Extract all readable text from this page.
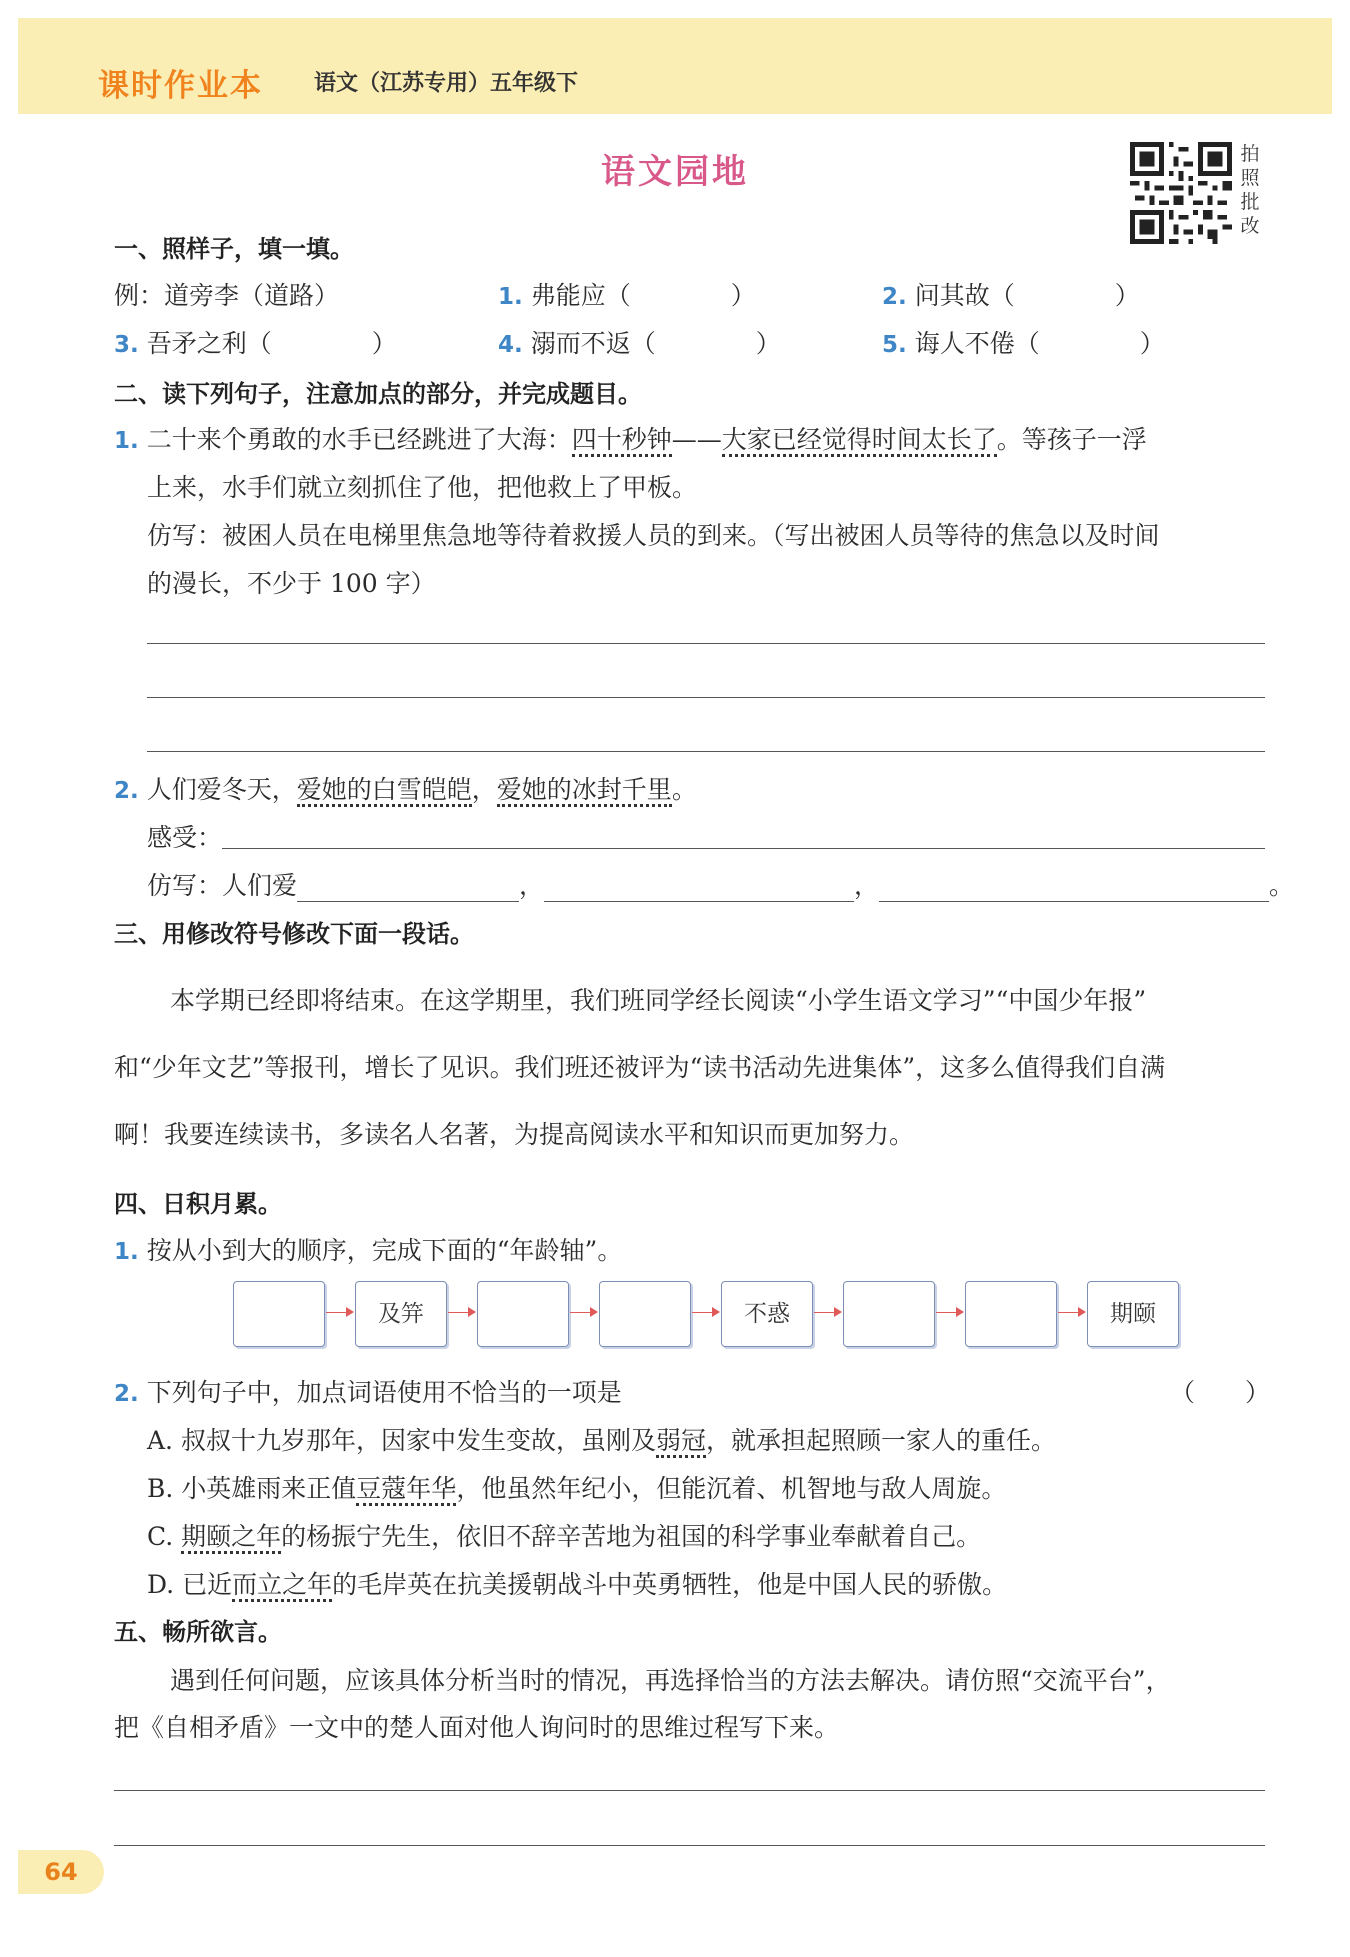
课时作业本 语文（江苏专用）五年级下
语文园地	拍
照
批
改
一、照样子，填一填。
例：道旁李（道路）	1. 弗能应（	）	2. 问其故（	）
3. 吾矛之利（	）	4. 溺而不返（	）	5. 诲人不倦（	）
二、读下列句子，注意加点的部分，并完成题目。
1. 二十来个勇敢的水手已经跳进了大海：四十秒钟——大家已经觉得时间太长了。等孩子一浮
上来，水手们就立刻抓住了他，把他救上了甲板。
仿写：被困人员在电梯里焦急地等待着救援人员的到来。（写出被困人员等待的焦急以及时间
的漫长，不少于 100 字）
2. 人们爱冬天，爱她的白雪皑皑，爱她的冰封千里。
感受：
仿写：人们爱	，	，	。
三、用修改符号修改下面一段话。
本学期已经即将结束。在这学期里，我们班同学经长阅读“小学生语文学习”“中国少年报”
和“少年文艺”等报刊，增长了见识。我们班还被评为“读书活动先进集体”，这多么值得我们自满
啊！我要连续读书，多读名人名著，为提高阅读水平和知识而更加努力。
四、日积月累。
1. 按从小到大的顺序，完成下面的“年龄轴”。
及笄	不惑	期颐
2. 下列句子中，加点词语使用不恰当的一项是	（　　）
A. 叔叔十九岁那年，因家中发生变故，虽刚及弱冠，就承担起照顾一家人的重任。
B. 小英雄雨来正值豆蔻年华，他虽然年纪小，但能沉着、机智地与敌人周旋。
C. 期颐之年的杨振宁先生，依旧不辞辛苦地为祖国的科学事业奉献着自己。
D. 已近而立之年的毛岸英在抗美援朝战斗中英勇牺牲，他是中国人民的骄傲。
五、畅所欲言。
遇到任何问题，应该具体分析当时的情况，再选择恰当的方法去解决。请仿照“交流平台”，
把《自相矛盾》一文中的楚人面对他人询问时的思维过程写下来。
64
